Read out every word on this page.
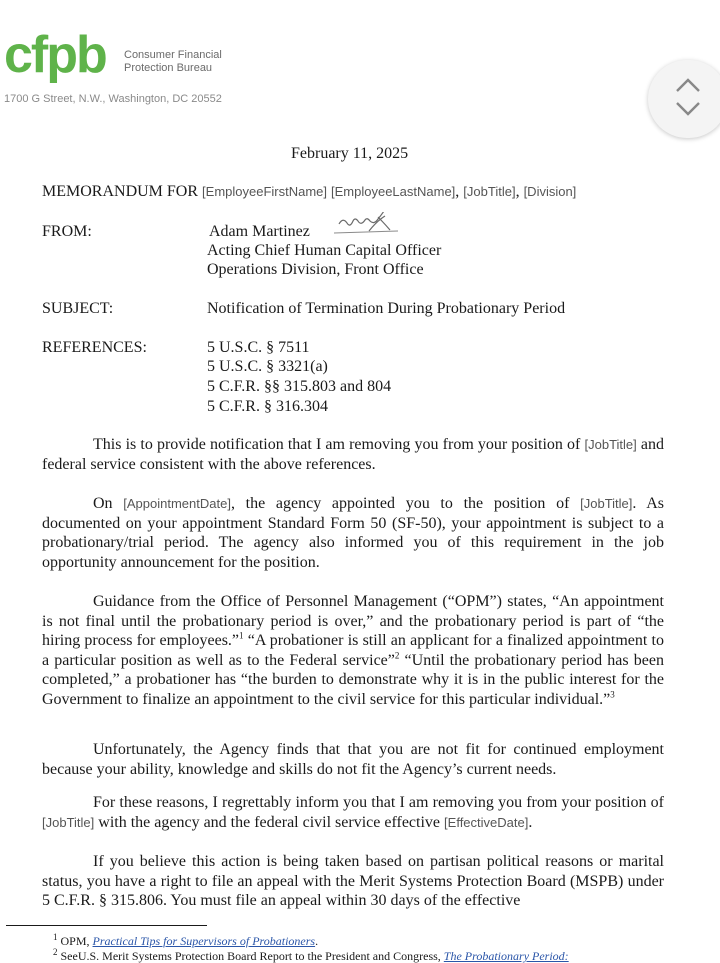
cfpb Consumer Financial
Protection Bureau
1700 G Street, N.W., Washington, DC 20552
February 11, 2025
MEMORANDUM FOR [EmployeeFirstName] [EmployeeLastName], [JobTitle], [Division]
FROM:	Adam Martinez
Acting Chief Human Capital Officer
Operations Division, Front Office
SUBJECT:	Notification of Termination During Probationary Period
REFERENCES:	5 U.S.C. § 7511
5 U.S.C. § 3321(a)
5 C.F.R. §§ 315.803 and 804
5 C.F.R. § 316.304

This is to provide notification that I am removing you from your position of [JobTitle] and federal service consistent with the above references.

On [AppointmentDate], the agency appointed you to the position of [JobTitle]. As documented on your appointment Standard Form 50 (SF-50), your appointment is subject to a probationary/trial period. The agency also informed you of this requirement in the job opportunity announcement for the position.

Guidance from the Office of Personnel Management (“OPM”) states, “An appointment is not final until the probationary period is over,” and the probationary period is part of “the hiring process for employees.”$^1$ “A probationer is still an applicant for a finalized appointment to a particular position as well as to the Federal service”$^2$ “Until the probationary period has been completed,” a probationer has “the burden to demonstrate why it is in the public interest for the Government to finalize an appointment to the civil service for this particular individual.”$^3$

Unfortunately, the Agency finds that that you are not fit for continued employment because your ability, knowledge and skills do not fit the Agency’s current needs.

For these reasons, I regrettably inform you that I am removing you from your position of [JobTitle] with the agency and the federal civil service effective [EffectiveDate].

If you believe this action is being taken based on partisan political reasons or marital status, you have a right to file an appeal with the Merit Systems Protection Board (MSPB) under 5 C.F.R. § 315.806. You must file an appeal within 30 days of the effective

$^1$ OPM, Practical Tips for Supervisors of Probationers.
$^2$ SeeU.S. Merit Systems Protection Board Report to the President and Congress, The Probationary Period:
